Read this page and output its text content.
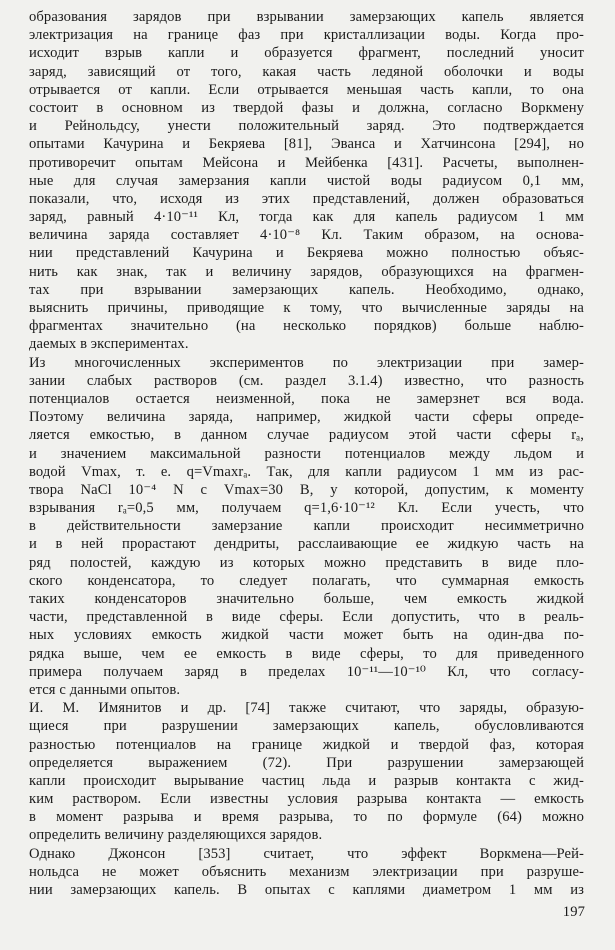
образования зарядов при взрывании замерзающих капель является
электризация на границе фаз при кристаллизации воды. Когда про-
исходит взрыв капли и образуется фрагмент, последний уносит
заряд, зависящий от того, какая часть ледяной оболочки и воды
отрывается от капли. Если отрывается меньшая часть капли, то она
состоит в основном из твердой фазы и должна, согласно Воркмену
и Рейнольдсу, унести положительный заряд. Это подтверждается
опытами Качурина и Бекряева [81], Эванса и Хатчинсона [294], но
противоречит опытам Мейсона и Мейбенка [431]. Расчеты, выполнен-
ные для случая замерзания капли чистой воды радиусом 0,1 мм,
показали, что, исходя из этих представлений, должен образоваться
заряд, равный 4·10⁻¹¹ Кл, тогда как для капель радиусом 1 мм
величина заряда составляет 4·10⁻⁸ Кл. Таким образом, на основа-
нии представлений Качурина и Бекряева можно полностью объяс-
нить как знак, так и величину зарядов, образующихся на фрагмен-
тах при взрывании замерзающих капель. Необходимо, однако,
выяснить причины, приводящие к тому, что вычисленные заряды на
фрагментах значительно (на несколько порядков) больше наблю-
даемых в экспериментах.
Из многочисленных экспериментов по электризации при замер-
зании слабых растворов (см. раздел 3.1.4) известно, что разность
потенциалов остается неизменной, пока не замерзнет вся вода.
Поэтому величина заряда, например, жидкой части сферы опреде-
ляется емкостью, в данном случае радиусом этой части сферы rₐ,
и значением максимальной разности потенциалов между льдом и
водой Vmax, т. е. q=Vmaxrₐ. Так, для капли радиусом 1 мм из рас-
твора NaCl 10⁻⁴ N с Vmax=30 В, у которой, допустим, к моменту
взрывания rₐ=0,5 мм, получаем q=1,6·10⁻¹² Кл. Если учесть, что
в действительности замерзание капли происходит несимметрично
и в ней прорастают дендриты, расслаивающие ее жидкую часть на
ряд полостей, каждую из которых можно представить в виде пло-
ского конденсатора, то следует полагать, что суммарная емкость
таких конденсаторов значительно больше, чем емкость жидкой
части, представленной в виде сферы. Если допустить, что в реаль-
ных условиях емкость жидкой части может быть на один-два по-
рядка выше, чем ее емкость в виде сферы, то для приведенного
примера получаем заряд в пределах 10⁻¹¹—10⁻¹⁰ Кл, что согласу-
ется с данными опытов.
И. М. Имянитов и др. [74] также считают, что заряды, образую-
щиеся при разрушении замерзающих капель, обусловливаются
разностью потенциалов на границе жидкой и твердой фаз, которая
определяется выражением (72). При разрушении замерзающей
капли происходит вырывание частиц льда и разрыв контакта с жид-
ким раствором. Если известны условия разрыва контакта — емкость
в момент разрыва и время разрыва, то по формуле (64) можно
определить величину разделяющихся зарядов.
Однако Джонсон [353] считает, что эффект Воркмена—Рей-
нольдса не может объяснить механизм электризации при разруше-
нии замерзающих капель. В опытах с каплями диаметром 1 мм из
197
